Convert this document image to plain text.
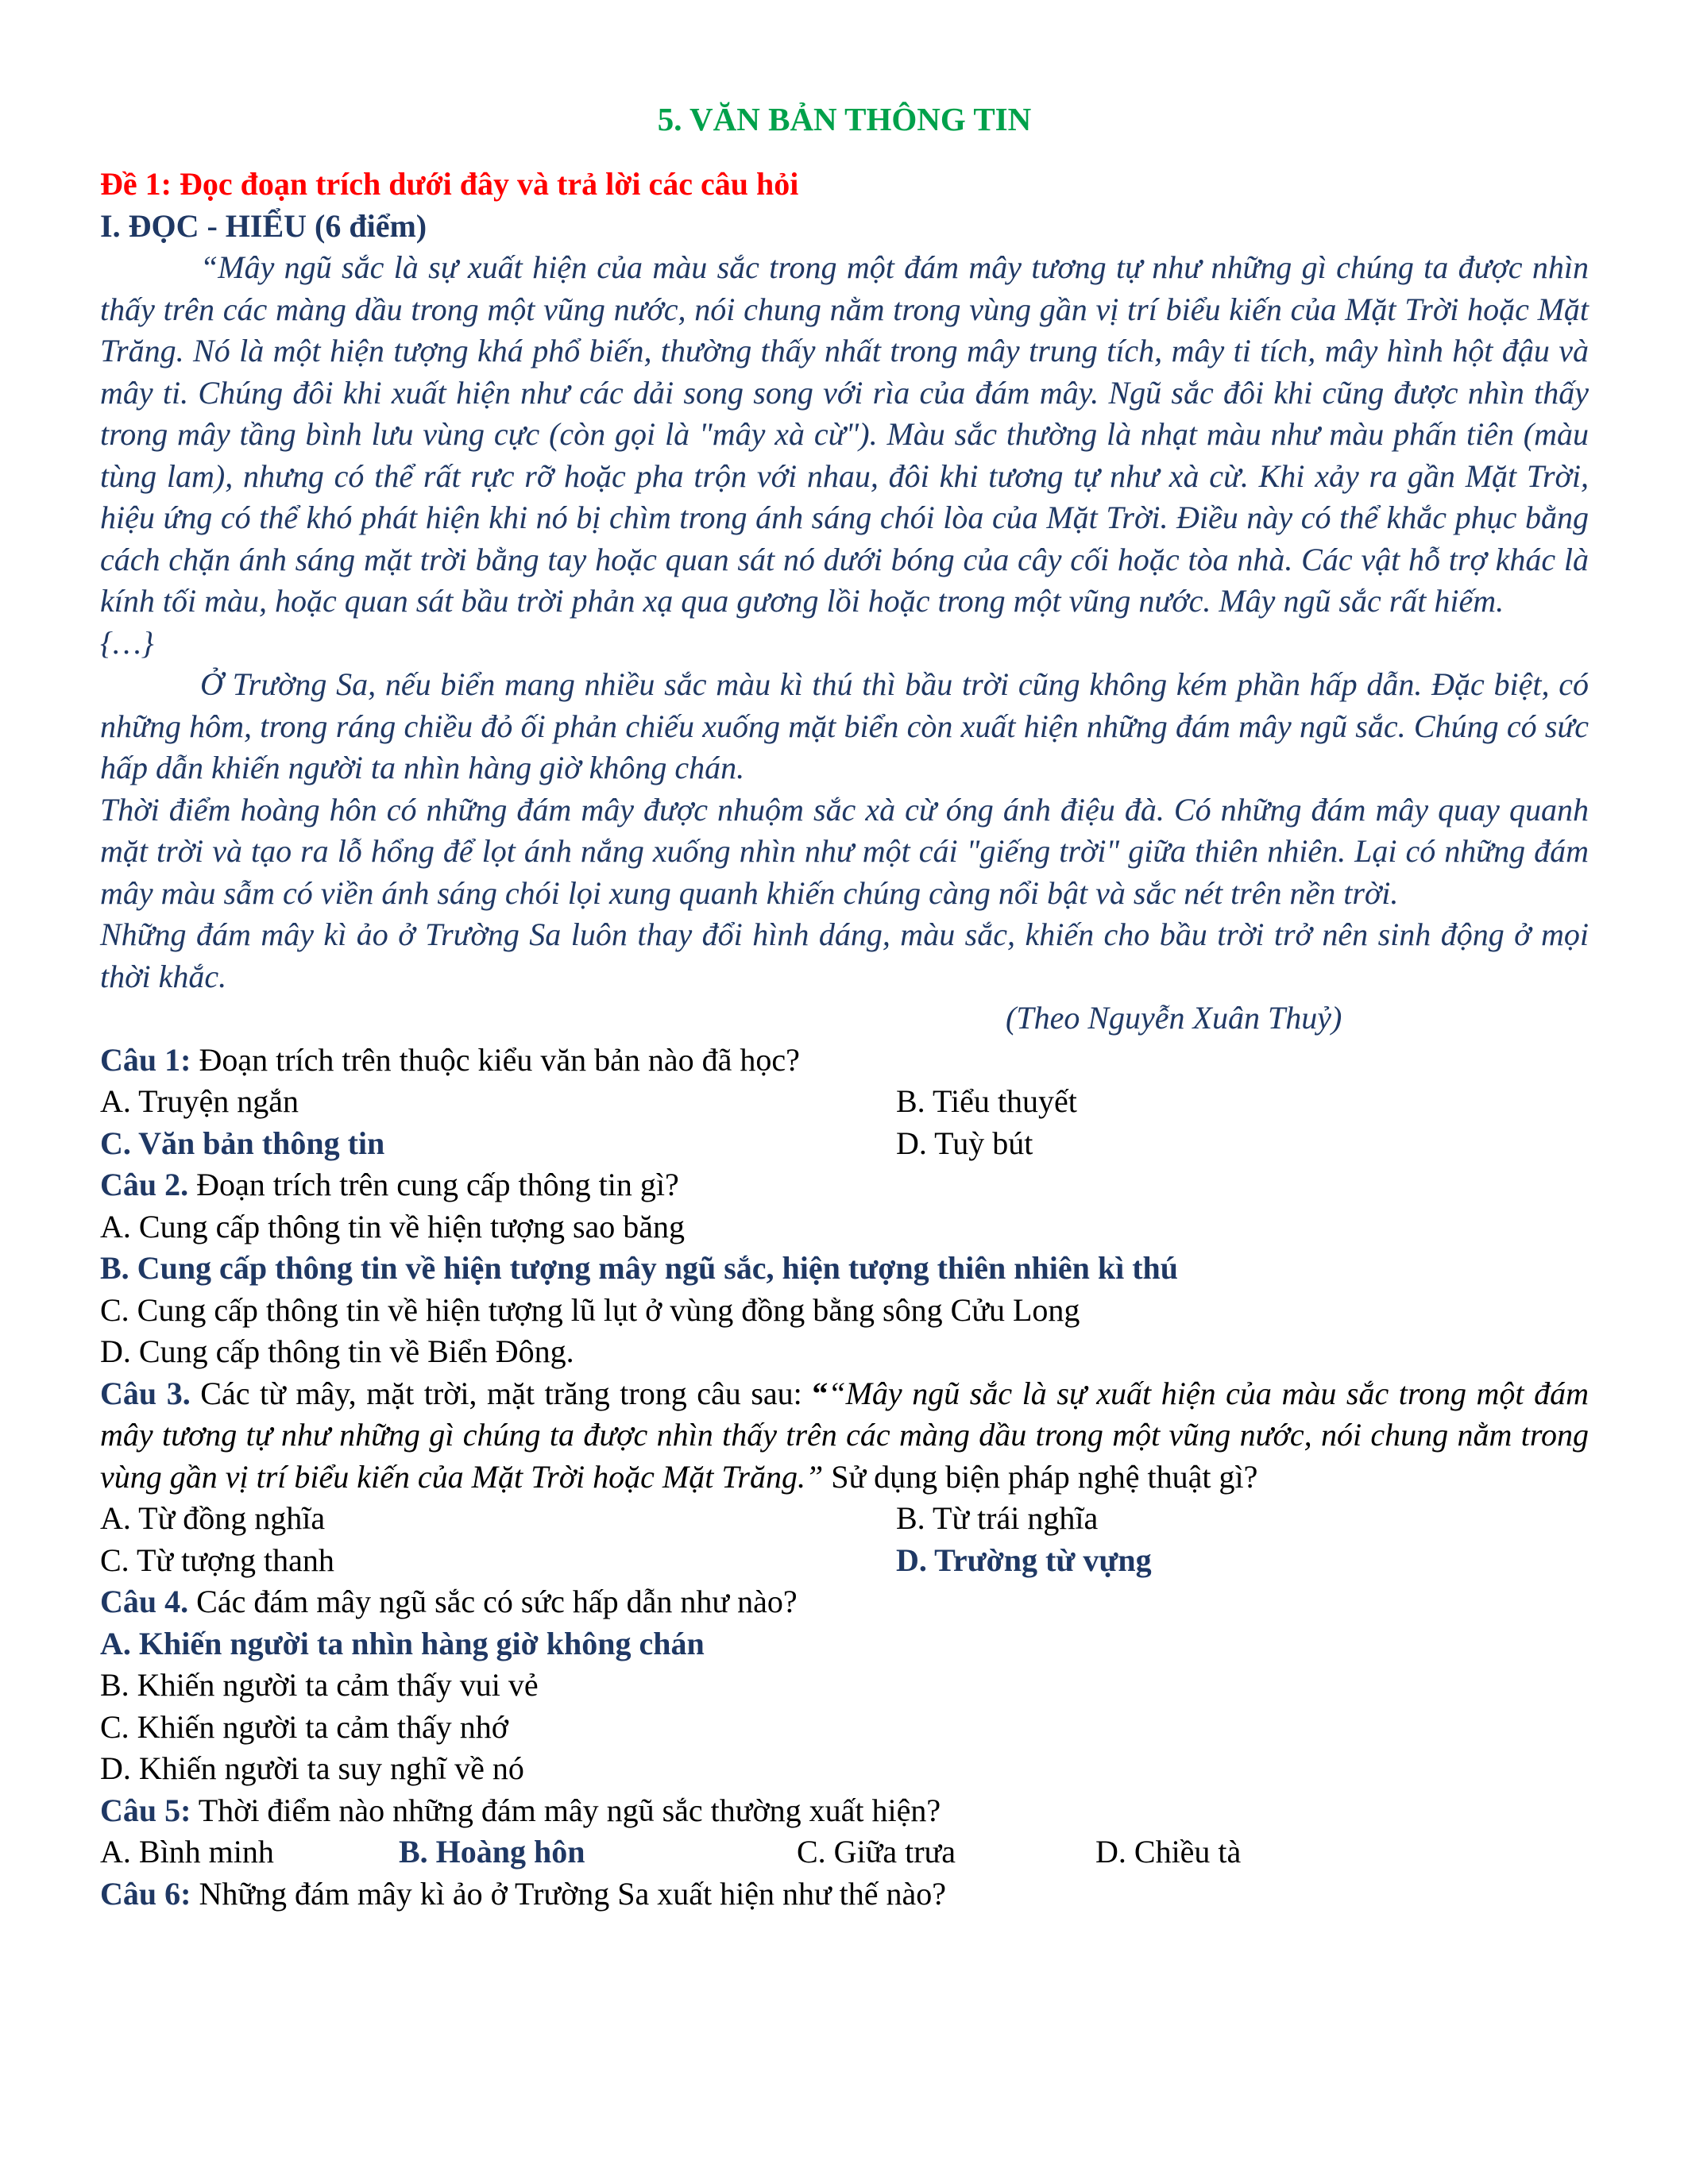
5. VĂN BẢN THÔNG TIN

Đề 1: Đọc đoạn trích dưới đây và trả lời các câu hỏi

I. ĐỌC - HIỂU (6 điểm)

“Mây ngũ sắc là sự xuất hiện của màu sắc trong một đám mây tương tự như những gì chúng ta được nhìn thấy trên các màng dầu trong một vũng nước, nói chung nằm trong vùng gần vị trí biểu kiến của Mặt Trời hoặc Mặt Trăng. Nó là một hiện tượng khá phổ biến, thường thấy nhất trong mây trung tích, mây ti tích, mây hình hột đậu và mây ti. Chúng đôi khi xuất hiện như các dải song song với rìa của đám mây. Ngũ sắc đôi khi cũng được nhìn thấy trong mây tầng bình lưu vùng cực (còn gọi là "mây xà cừ"). Màu sắc thường là nhạt màu như màu phấn tiên (màu tùng lam), nhưng có thể rất rực rỡ hoặc pha trộn với nhau, đôi khi tương tự như xà cừ. Khi xảy ra gần Mặt Trời, hiệu ứng có thể khó phát hiện khi nó bị chìm trong ánh sáng chói lòa của Mặt Trời. Điều này có thể khắc phục bằng cách chặn ánh sáng mặt trời bằng tay hoặc quan sát nó dưới bóng của cây cối hoặc tòa nhà. Các vật hỗ trợ khác là kính tối màu, hoặc quan sát bầu trời phản xạ qua gương lồi hoặc trong một vũng nước. Mây ngũ sắc rất hiếm.

{…}

Ở Trường Sa, nếu biển mang nhiều sắc màu kì thú thì bầu trời cũng không kém phần hấp dẫn. Đặc biệt, có những hôm, trong ráng chiều đỏ ối phản chiếu xuống mặt biển còn xuất hiện những đám mây ngũ sắc. Chúng có sức hấp dẫn khiến người ta nhìn hàng giờ không chán.

Thời điểm hoàng hôn có những đám mây được nhuộm sắc xà cừ óng ánh điệu đà. Có những đám mây quay quanh mặt trời và tạo ra lỗ hổng để lọt ánh nắng xuống nhìn như một cái "giếng trời" giữa thiên nhiên. Lại có những đám mây màu sẫm có viền ánh sáng chói lọi xung quanh khiến chúng càng nổi bật và sắc nét trên nền trời.

Những đám mây kì ảo ở Trường Sa luôn thay đổi hình dáng, màu sắc, khiến cho bầu trời trở nên sinh động ở mọi thời khắc.

(Theo Nguyễn Xuân Thuỷ)

Câu 1: Đoạn trích trên thuộc kiểu văn bản nào đã học?

A. Truyện ngắn	B. Tiểu thuyết
C. Văn bản thông tin	D. Tuỳ bút

Câu 2. Đoạn trích trên cung cấp thông tin gì?

A. Cung cấp thông tin về hiện tượng sao băng

B. Cung cấp thông tin về hiện tượng mây ngũ sắc, hiện tượng thiên nhiên kì thú

C. Cung cấp thông tin về hiện tượng lũ lụt ở vùng đồng bằng sông Cửu Long

D. Cung cấp thông tin về Biển Đông.

Câu 3. Các từ mây, mặt trời, mặt trăng trong câu sau: ““Mây ngũ sắc là sự xuất hiện của màu sắc trong một đám mây tương tự như những gì chúng ta được nhìn thấy trên các màng dầu trong một vũng nước, nói chung nằm trong vùng gần vị trí biểu kiến của Mặt Trời hoặc Mặt Trăng.” Sử dụng biện pháp nghệ thuật gì?

A. Từ đồng nghĩa	B. Từ trái nghĩa
C. Từ tượng thanh	D. Trường từ vựng

Câu 4. Các đám mây ngũ sắc có sức hấp dẫn như nào?

A. Khiến người ta nhìn hàng giờ không chán

B. Khiến người ta cảm thấy vui vẻ

C. Khiến người ta cảm thấy nhớ

D. Khiến người ta suy nghĩ về nó

Câu 5: Thời điểm nào những đám mây ngũ sắc thường xuất hiện?

A. Bình minh	B. Hoàng hôn	C. Giữa trưa	D. Chiều tà

Câu 6: Những đám mây kì ảo ở Trường Sa xuất hiện như thế nào?
